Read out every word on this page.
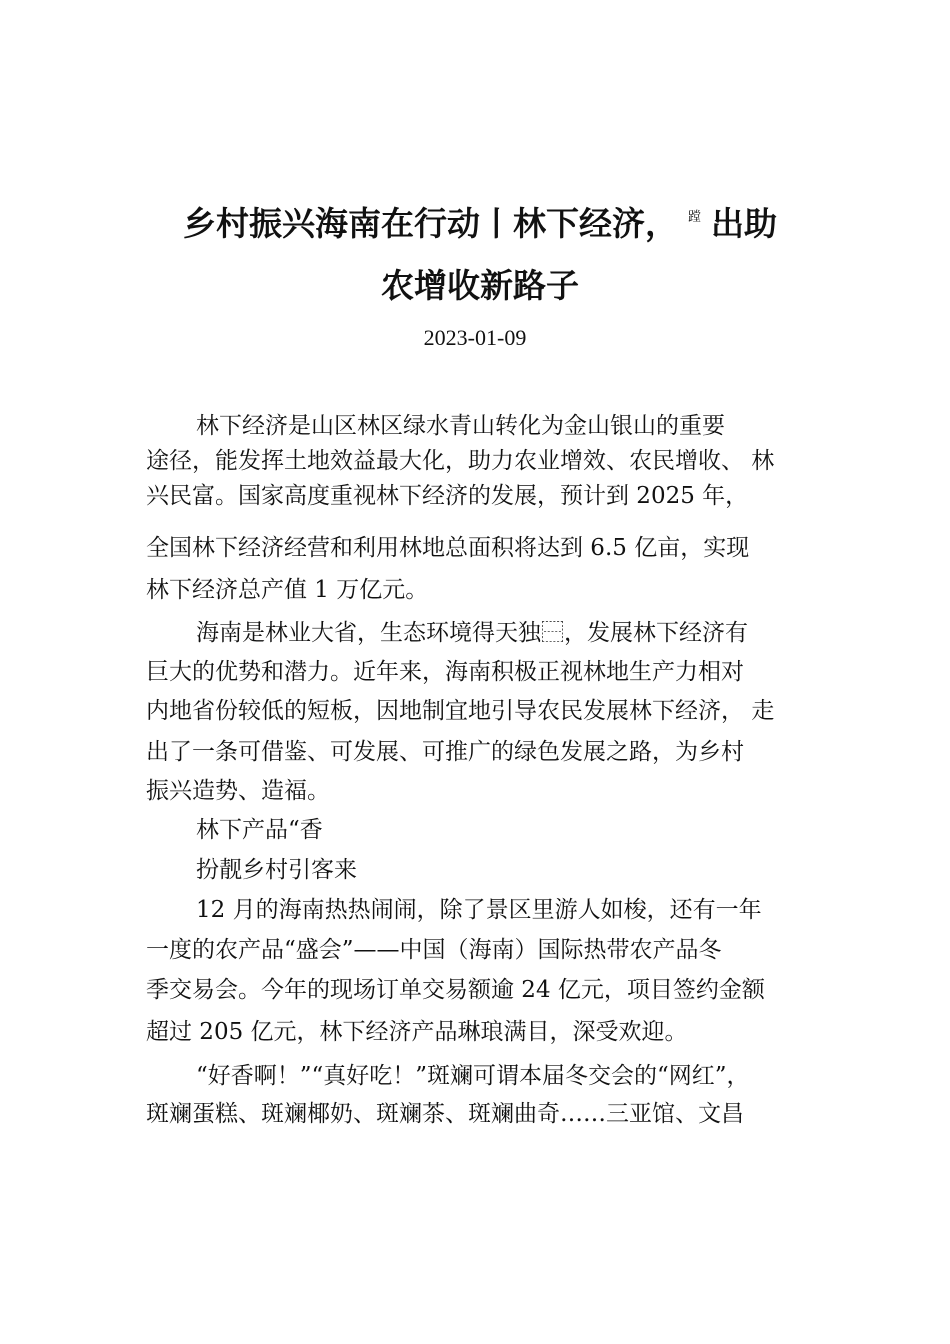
乡村振兴海南在行动丨林下经济， 蹚 出助
农增收新路子
2023-01-09
林下经济是山区林区绿水青山转化为金山银山的重要
途径，能发挥土地效益最大化，助力农业增效、农民增收、 林
兴民富。国家高度重视林下经济的发展，预计到 2025 年，
全国林下经济经营和利用林地总面积将达到 6.5 亿亩，实现
林下经济总产值 1 万亿元。
海南是林业大省，生态环境得天独⿱，发展林下经济有
巨大的优势和潜力。近年来，海南积极正视林地生产力相对
内地省份较低的短板，因地制宜地引导农民发展林下经济， 走
出了一条可借鉴、可发展、可推广的绿色发展之路，为乡村
振兴造势、造福。
林下产品“香
扮靓乡村引客来
12 月的海南热热闹闹，除了景区里游人如梭，还有一年
一度的农产品“盛会”——中国（海南）国际热带农产品冬
季交易会。今年的现场订单交易额逾 24 亿元，项目签约金额
超过 205 亿元，林下经济产品琳琅满目，深受欢迎。
“好香啊！”“真好吃！”斑斓可谓本届冬交会的“网红”，
斑斓蛋糕、斑斓椰奶、斑斓茶、斑斓曲奇……三亚馆、文昌
